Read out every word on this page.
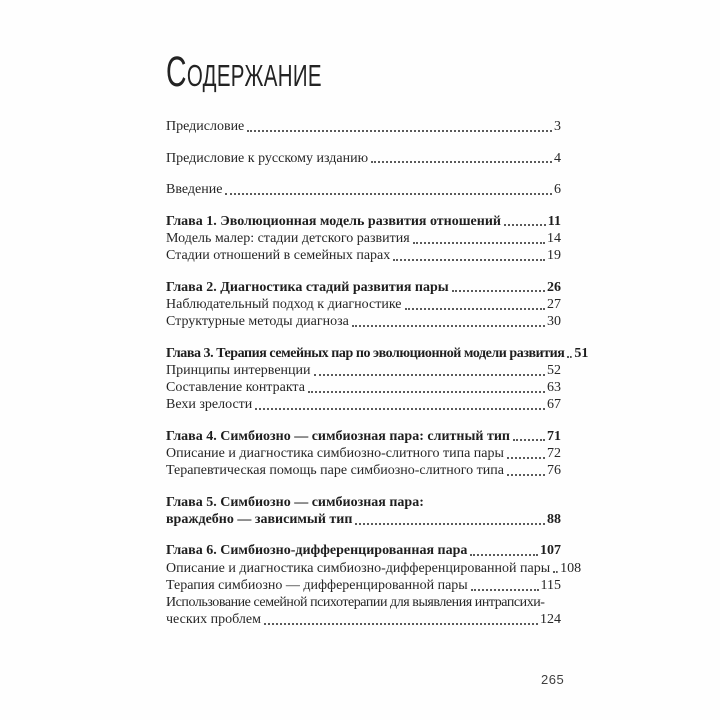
СОДЕРЖАНИЕ
Предисловие	3
Предисловие к русскому изданию	4
Введение	6
Глава 1. Эволюционная модель развития отношений	11
Модель малер: стадии детского развития	14
Стадии отношений в семейных парах	19
Глава 2. Диагностика стадий развития пары	26
Наблюдательный подход к диагностике	27
Структурные методы диагноза	30
Глава 3. Терапия семейных пар по эволюционной модели развития 51
Принципы интервенции	52
Составление контракта	63
Вехи зрелости	67
Глава 4. Симбиозно — симбиозная пара: слитный тип	71
Описание и диагностика симбиозно-слитного типа пары	72
Терапевтическая помощь паре симбиозно-слитного типа	76
Глава 5. Симбиозно — симбиозная пара:
враждебно — зависимый тип	88
Глава 6. Симбиозно-дифференцированная пара	107
Описание и диагностика симбиозно-дифференцированной пары 108
Терапия симбиозно — дифференцированной пары	115
Использование семейной психотерапии для выявления интрапсихи-
ческих проблем	124
265
